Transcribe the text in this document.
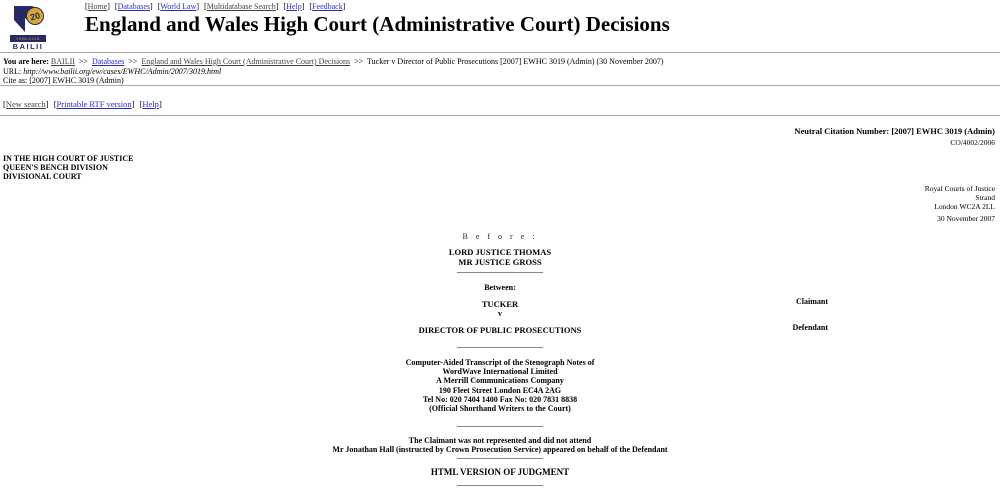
20
1998-2018
BAILII
[Home] [Databases] [World Law] [Multidatabase Search] [Help] [Feedback]
England and Wales High Court (Administrative Court) Decisions
You are here: BAILII >> Databases >> England and Wales High Court (Administrative Court) Decisions >> Tucker v Director of Public Prosecutions [2007] EWHC 3019 (Admin) (30 November 2007)
URL: http://www.bailii.org/ew/cases/EWHC/Admin/2007/3019.html
Cite as: [2007] EWHC 3019 (Admin)
[New search] [Printable RTF version] [Help]
Neutral Citation Number: [2007] EWHC 3019 (Admin)
CO/4002/2006
IN THE HIGH COURT OF JUSTICE
QUEEN'S BENCH DIVISION
DIVISIONAL COURT
Royal Courts of Justice
Strand
London WC2A 2LL
30 November 2007
B e f o r e :
LORD JUSTICE THOMAS
MR JUSTICE GROSS
Between:
TUCKER	Claimant
v
DIRECTOR OF PUBLIC PROSECUTIONS	Defendant
Computer-Aided Transcript of the Stenograph Notes of
WordWave International Limited
A Merrill Communications Company
190 Fleet Street London EC4A 2AG
Tel No: 020 7404 1400 Fax No: 020 7831 8838
(Official Shorthand Writers to the Court)
The Claimant was not represented and did not attend
Mr Jonathan Hall (instructed by Crown Prosecution Service) appeared on behalf of the Defendant
HTML VERSION OF JUDGMENT
